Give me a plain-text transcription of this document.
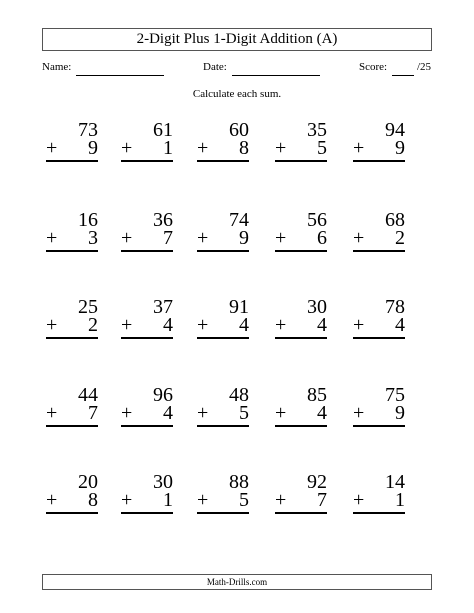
2-Digit Plus 1-Digit Addition (A)
Name:	Date:	Score:	/25
Calculate each sum.
73
+ 9
61
+ 1
60
+ 8
35
+ 5
94
+ 9
16
+ 3
36
+ 7
74
+ 9
56
+ 6
68
+ 2
25
+ 2
37
+ 4
91
+ 4
30
+ 4
78
+ 4
44
+ 7
96
+ 4
48
+ 5
85
+ 4
75
+ 9
20
+ 8
30
+ 1
88
+ 5
92
+ 7
14
+ 1
Math-Drills.com
